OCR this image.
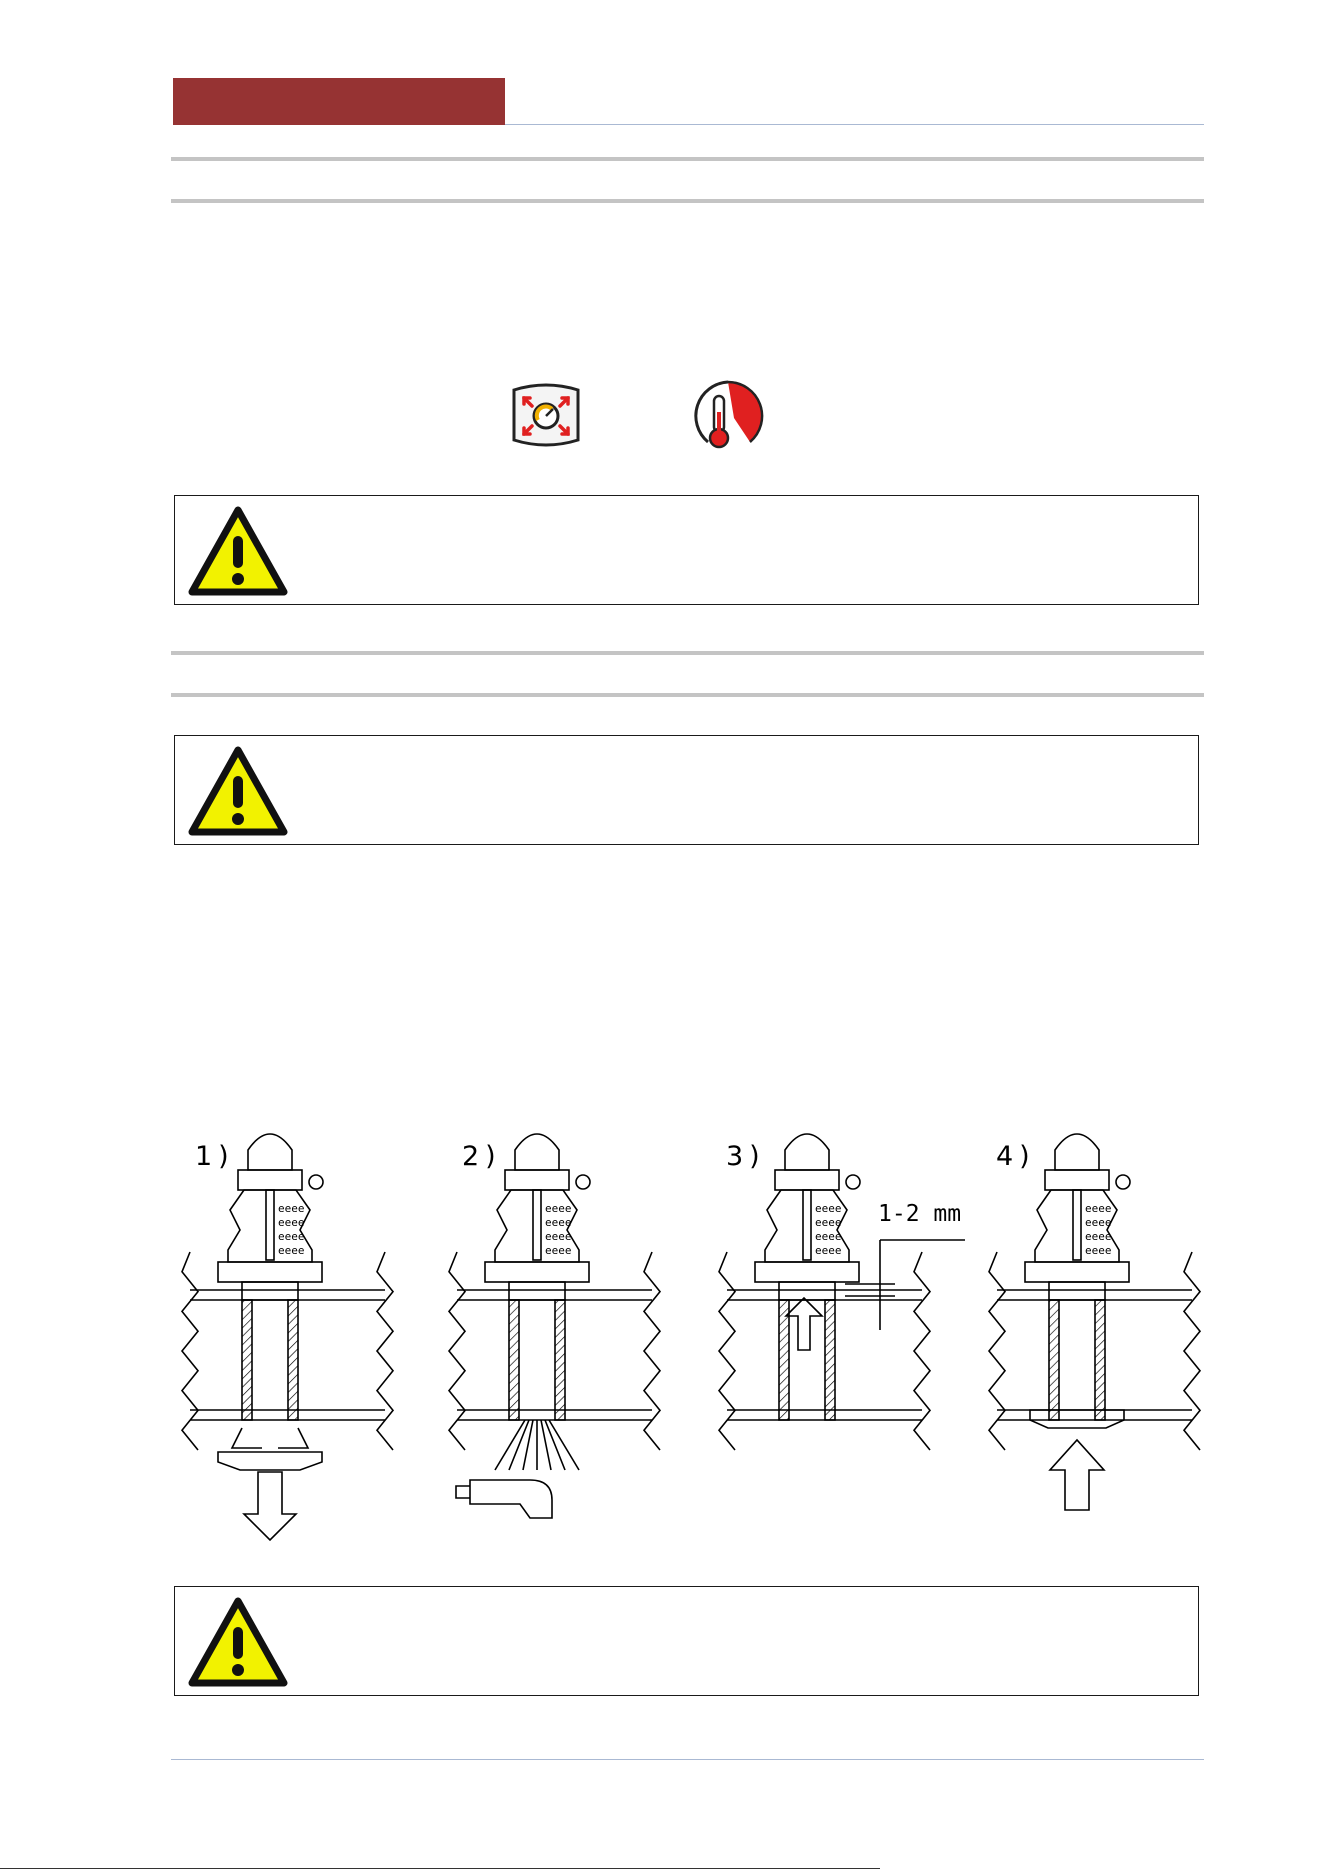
eeee
eeee
eeee
eeee
eeee
eeee
eeee
eeee
eeee
eeee
eeee
eeee
eeee
eeee
eeee
eeee
1)	2)	3)	4)
1-2 mm
